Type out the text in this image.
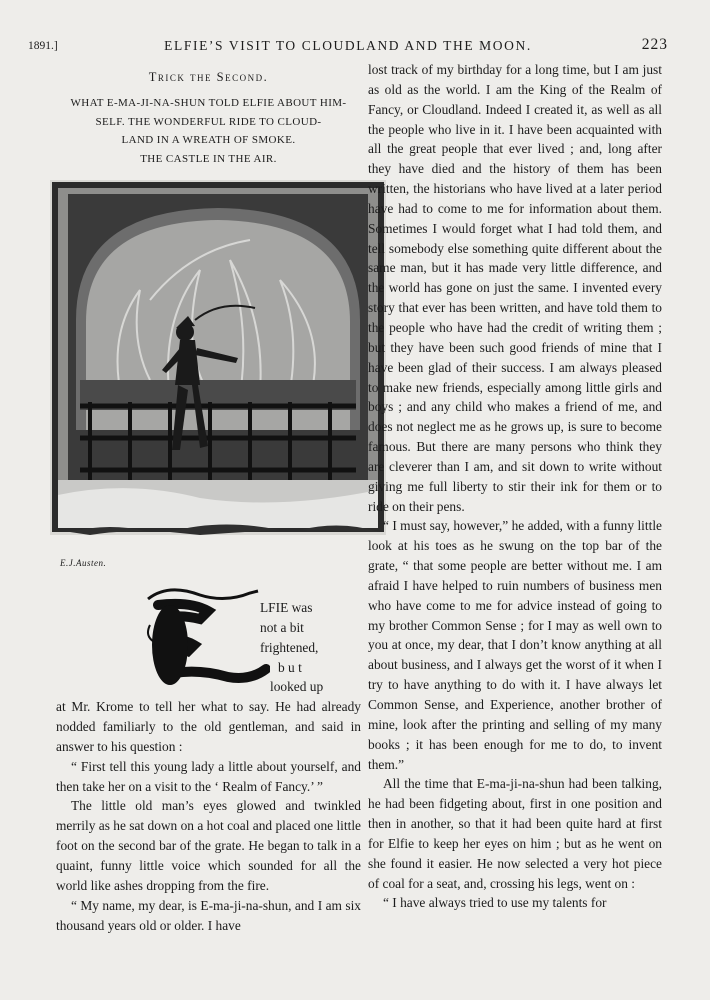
1891.]	ELFIE’S VISIT TO CLOUDLAND AND THE MOON.	223
Trick the Second.

WHAT E-MA-JI-NA-SHUN TOLD ELFIE ABOUT HIM-
SELF. THE WONDERFUL RIDE TO CLOUD-
LAND IN A WREATH OF SMOKE.
THE CASTLE IN THE AIR.

E.J.Austen.

LFIE was
not a bit
frightened,
b u t
looked up
at Mr. Krome to tell her what to say. He had already nodded familiarly to the old gentleman, and said in answer to his question :

“ First tell this young lady a little about yourself, and then take her on a visit to the ‘ Realm of Fancy.’ ”

The little old man’s eyes glowed and twinkled merrily as he sat down on a hot coal and placed one little foot on the second bar of the grate. He began to talk in a quaint, funny little voice which sounded for all the world like ashes dropping from the fire.

“ My name, my dear, is E-ma-ji-na-shun, and I am six thousand years old or older. I have

lost track of my birthday for a long time, but I am just as old as the world. I am the King of the Realm of Fancy, or Cloudland. Indeed I created it, as well as all the people who live in it. I have been acquainted with all the great people that ever lived ; and, long after they have died and the history of them has been written, the historians who have lived at a later period have had to come to me for information about them. Sometimes I would forget what I had told them, and tell somebody else something quite different about the same man, but it has made very little difference, and the world has gone on just the same. I invented every story that ever has been written, and have told them to the people who have had the credit of writing them ; but they have been such good friends of mine that I have been glad of their success. I am always pleased to make new friends, especially among little girls and boys ; and any child who makes a friend of me, and does not neglect me as he grows up, is sure to become famous. But there are many persons who think they are cleverer than I am, and sit down to write without giving me full liberty to stir their ink for them or to ride on their pens.

“ I must say, however,” he added, with a funny little look at his toes as he swung on the top bar of the grate, “ that some people are better without me. I am afraid I have helped to ruin numbers of business men who have come to me for advice instead of going to my brother Common Sense ; for I may as well own to you at once, my dear, that I don’t know anything at all about business, and I always get the worst of it when I try to have anything to do with it. I have always let Common Sense, and Experience, another brother of mine, look after the printing and selling of my many books ; it has been enough for me to do, to invent them.”

All the time that E-ma-ji-na-shun had been talking, he had been fidgeting about, first in one position and then in another, so that it had been quite hard at first for Elfie to keep her eyes on him ; but as he went on she found it easier. He now selected a very hot piece of coal for a seat, and, crossing his legs, went on :

“ I have always tried to use my talents for
